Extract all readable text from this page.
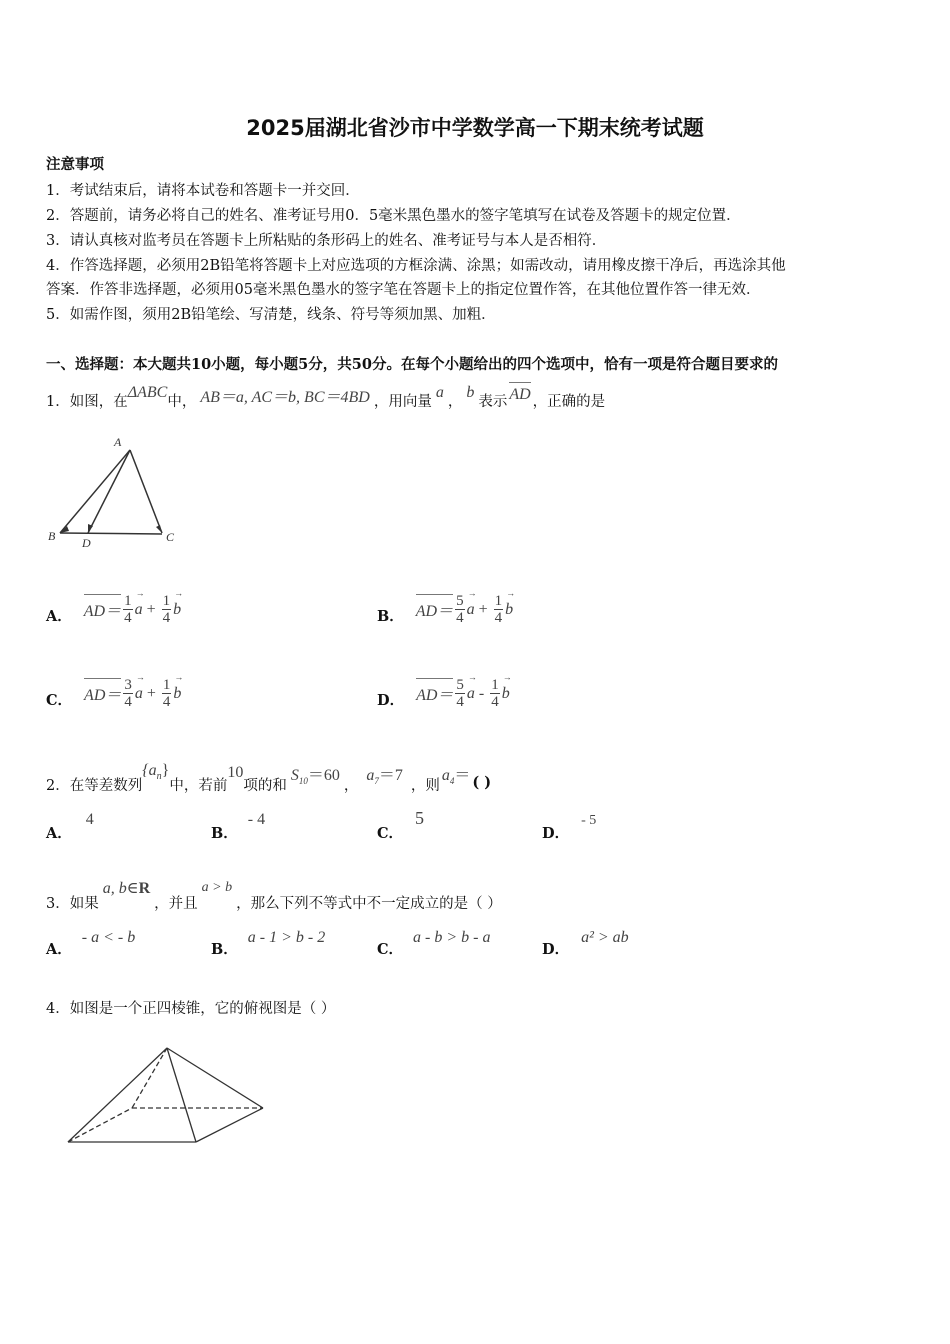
2025届湖北省沙市中学数学高一下期末统考试题
注意事项
1．考试结束后，请将本试卷和答题卡一并交回．
2．答题前，请务必将自己的姓名、准考证号用0．5毫米黑色墨水的签字笔填写在试卷及答题卡的规定位置．
3．请认真核对监考员在答题卡上所粘贴的条形码上的姓名、准考证号与本人是否相符．
4．作答选择题，必须用2B铅笔将答题卡上对应选项的方框涂满、涂黑；如需改动，请用橡皮擦干净后，再选涂其他
答案．作答非选择题，必须用05毫米黑色墨水的签字笔在答题卡上的指定位置作答，在其他位置作答一律无效．
5．如需作图，须用2B铅笔绘、写清楚，线条、符号等须加黑、加粗．
一、选择题：本大题共10小题，每小题5分，共50分。在每个小题给出的四个选项中，恰有一项是符合题目要求的
1． 如图，在
ΔABC
中， AB＝a, AC＝b, BC＝4BD ，用向量
a
，
b
表示 AD ，正确的是
A
B D	C
A． $AD= \frac{1}{4}$
→ $a + \frac{1}{4}$
→ b	B． $AD= \frac{5}{4}$
→ $a + \frac{1}{4}$
→ b
C． $AD= \frac{3}{4}$
→ $a + \frac{1}{4}$
→ b	D． $AD= \frac{5}{4}$
→ a - $\frac{1}{4}$
→ b
2． 在等差数列
$\{a_n\}$
中，若前
10
项的和
$S_{10}=60$
，
$a_7=7$
，则
$a_4=$ ( )
A．
4
B．
- 4
C．
5
D．
- 5
3． 如果
a, b∈R
，并且
a > b
，那么下列不等式中不一定成立的是（ ）
A．
- a < - b
B．
a - 1 > b - 2
C．
a - b > b - a
D．
a² > ab
4． 如图是一个正四棱锥，它的俯视图是（ ）
